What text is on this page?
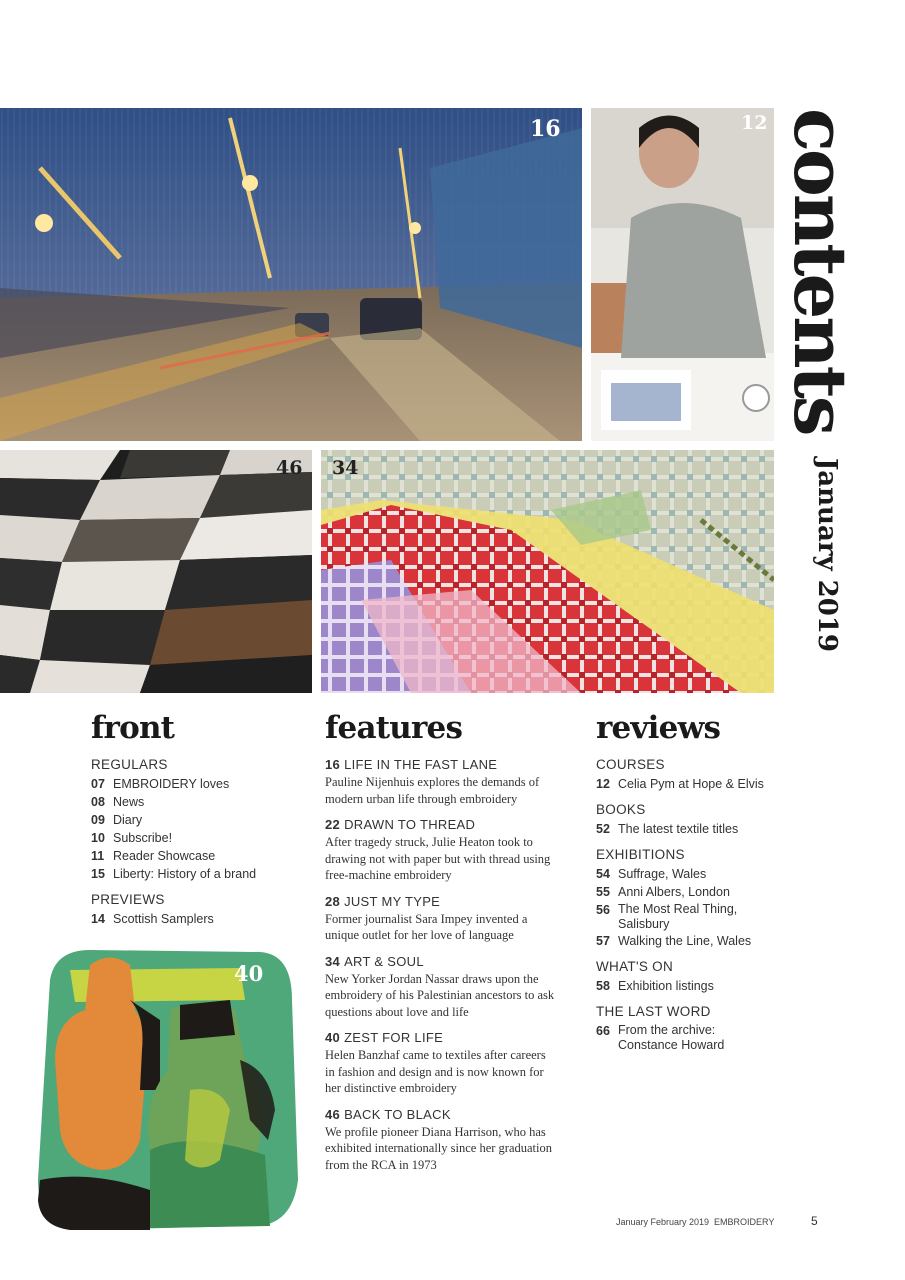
16	12
46 34
40
contents
January 2019
front
REGULARS
07 EMBROIDERY loves
08 News
09 Diary
10 Subscribe!
11 Reader Showcase
15 Liberty: History of a brand
PREVIEWS
14 Scottish Samplers
features
16 LIFE IN THE FAST LANE
Pauline Nijenhuis explores the demands of modern urban life through embroidery
22 DRAWN TO THREAD
After tragedy struck, Julie Heaton took to drawing not with paper but with thread using free-machine embroidery
28 JUST MY TYPE
Former journalist Sara Impey invented a unique outlet for her love of language
34 ART & SOUL
New Yorker Jordan Nassar draws upon the embroidery of his Palestinian ancestors to ask questions about love and life
40 ZEST FOR LIFE
Helen Banzhaf came to textiles after careers in fashion and design and is now known for her distinctive embroidery
46 BACK TO BLACK
We profile pioneer Diana Harrison, who has exhibited internationally since her graduation from the RCA in 1973
reviews
COURSES
12 Celia Pym at Hope & Elvis
BOOKS
52 The latest textile titles
EXHIBITIONS
54 Suffrage, Wales
55 Anni Albers, London
56 The Most Real Thing, Salisbury
57 Walking the Line, Wales
WHAT'S ON
58 Exhibition listings
THE LAST WORD
66 From the archive: Constance Howard
January February 2019 EMBROIDERY	5
